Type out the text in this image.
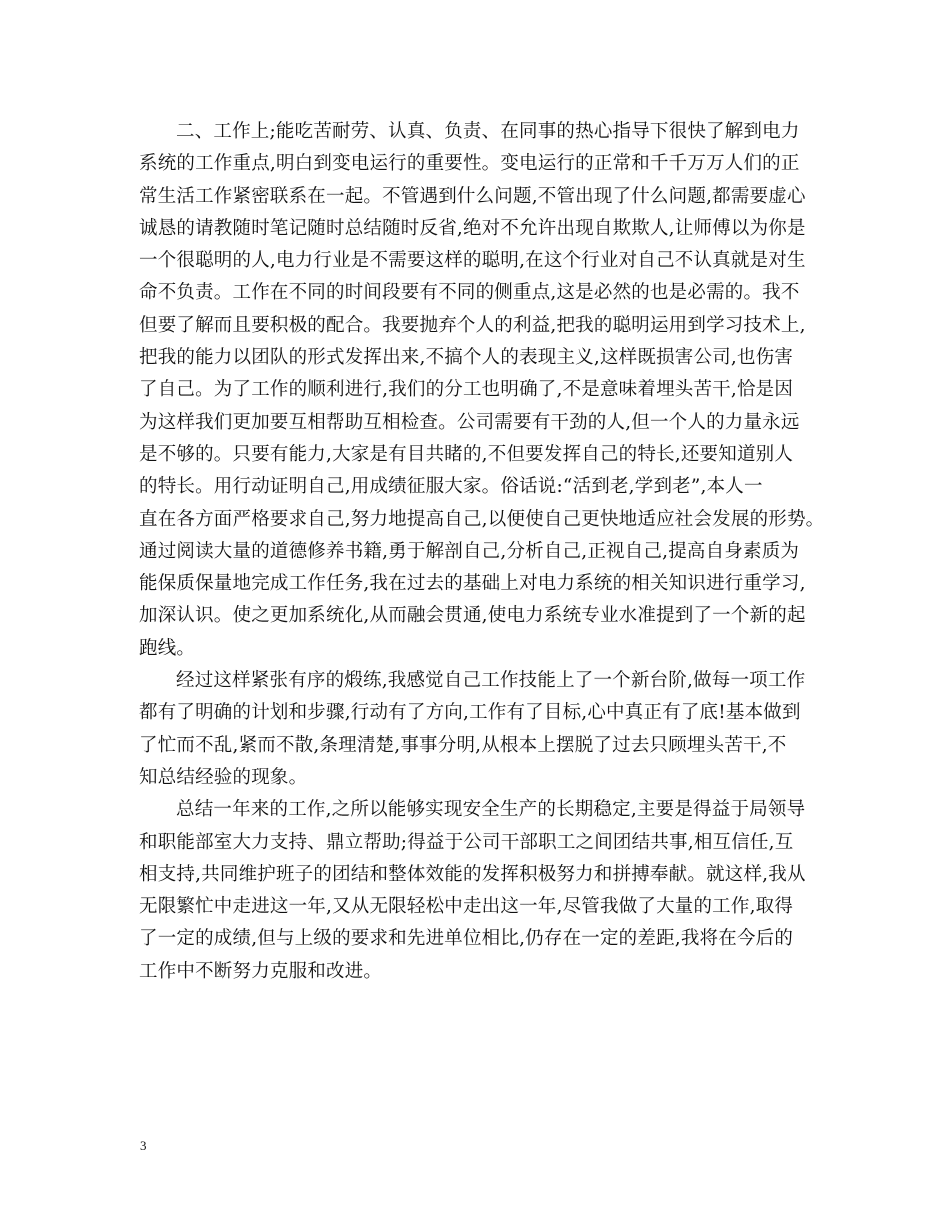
二、工作上;能吃苦耐劳、认真、负责、在同事的热心指导下很快了解到电力
系统的工作重点,明白到变电运行的重要性。变电运行的正常和千千万万人们的正
常生活工作紧密联系在一起。不管遇到什么问题,不管出现了什么问题,都需要虚心
诚恳的请教随时笔记随时总结随时反省,绝对不允许出现自欺欺人,让师傅以为你是
一个很聪明的人,电力行业是不需要这样的聪明,在这个行业对自己不认真就是对生
命不负责。工作在不同的时间段要有不同的侧重点,这是必然的也是必需的。我不
但要了解而且要积极的配合。我要抛弃个人的利益,把我的聪明运用到学习技术上,
把我的能力以团队的形式发挥出来,不搞个人的表现主义,这样既损害公司,也伤害
了自己。为了工作的顺利进行,我们的分工也明确了,不是意味着埋头苦干,恰是因
为这样我们更加要互相帮助互相检查。公司需要有干劲的人,但一个人的力量永远
是不够的。只要有能力,大家是有目共睹的,不但要发挥自己的特长,还要知道别人
的特长。用行动证明自己,用成绩征服大家。俗话说:“活到老,学到老”,本人一
直在各方面严格要求自己,努力地提高自己,以便使自己更快地适应社会发展的形势。
通过阅读大量的道德修养书籍,勇于解剖自己,分析自己,正视自己,提高自身素质为
能保质保量地完成工作任务,我在过去的基础上对电力系统的相关知识进行重学习,
加深认识。使之更加系统化,从而融会贯通,使电力系统专业水准提到了一个新的起
跑线。
经过这样紧张有序的煅练,我感觉自己工作技能上了一个新台阶,做每一项工作
都有了明确的计划和步骤,行动有了方向,工作有了目标,心中真正有了底!基本做到
了忙而不乱,紧而不散,条理清楚,事事分明,从根本上摆脱了过去只顾埋头苦干,不
知总结经验的现象。
总结一年来的工作,之所以能够实现安全生产的长期稳定,主要是得益于局领导
和职能部室大力支持、鼎立帮助;得益于公司干部职工之间团结共事,相互信任,互
相支持,共同维护班子的团结和整体效能的发挥积极努力和拼搏奉献。就这样,我从
无限繁忙中走进这一年,又从无限轻松中走出这一年,尽管我做了大量的工作,取得
了一定的成绩,但与上级的要求和先进单位相比,仍存在一定的差距,我将在今后的
工作中不断努力克服和改进。
3
